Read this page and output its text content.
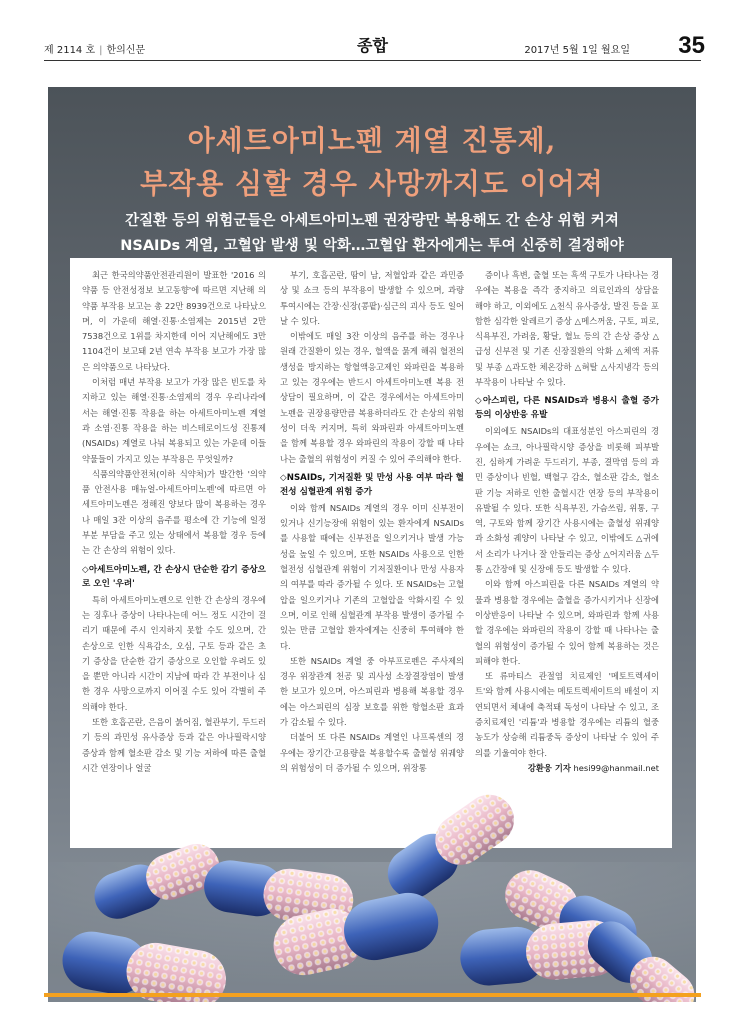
제 2114 호 | 한의신문	종합	2017년 5월 1일 월요일 35
아세트아미노펜 계열 진통제,
부작용 심할 경우 사망까지도 이어져
간질환 등의 위험군들은 아세트아미노펜 권장량만 복용해도 간 손상 위험 커져
NSAIDs 계열, 고혈압 발생 및 악화…고혈압 환자에게는 투여 신중히 결정해야

최근 한국의약품안전관리원이 발표한 '2016 의약품 등 안전성정보 보고동향'에 따르면 지난해 의약품 부작용 보고는 총 22만 8939건으로 나타났으며, 이 가운데 해열·진통·소염제는 2015년 2만 7538건으로 1위를 차지한데 이어 지난해에도 3만 1104건이 보고돼 2년 연속 부작용 보고가 가장 많은 의약품으로 나타났다.

이처럼 매년 부작용 보고가 가장 많은 빈도를 차지하고 있는 해열·진통·소염제의 경우 우리나라에서는 해열·진통 작용을 하는 아세트아미노펜 계열과 소염·진통 작용을 하는 비스테로이드성 진통제(NSAIDs) 계열로 나눠 복용되고 있는 가운데 이들 약물들이 가지고 있는 부작용은 무엇일까?

식품의약품안전처(이하 식약처)가 발간한 '의약품 안전사용 매뉴얼-아세트아미노펜'에 따르면 아세트아미노펜은 정해진 양보다 많이 복용하는 경우나 매일 3잔 이상의 음주를 평소에 간 기능에 일정 부분 부담을 주고 있는 상태에서 복용할 경우 등에는 간 손상의 위험이 있다.

◇아세트아미노펜, 간 손상시 단순한 감기 증상으로 오인 '우려'

특히 아세트아미노펜으로 인한 간 손상의 경우에는 징후나 증상이 나타나는데 어느 정도 시간이 걸리기 때문에 주시 인지하지 못할 수도 있으며, 간 손상으로 인한 식욕감소, 오심, 구토 등과 같은 초기 증상을 단순한 감기 증상으로 오인할 우려도 있을 뿐만 아니라 시간이 지남에 따라 간 부전이나 심한 경우 사망으로까지 이어질 수도 있어 각별히 주의해야 한다.

또한 호흡곤란, 은음이 붉어짐, 혈관부기, 두드러기 등의 과민성 유사증상 등과 같은 아나필락시양 증상과 함께 혈소판 감소 및 기능 저하에 따른 출혈 시간 연장이나 얼굴

부기, 호흡곤란, 땀이 남, 저혈압과 같은 과민증상 및 쇼크 등의 부작용이 발생할 수 있으며, 과량 투여시에는 간장·신장(콩팥)·심근의 괴사 등도 일어날 수 있다.

이밖에도 매일 3잔 이상의 음주를 하는 경우나 원래 간질환이 있는 경우, 혈액을 묽게 해줘 혈전의 생성을 방지하는 항혈액응고제인 와파린을 복용하고 있는 경우에는 반드시 아세트아미노펜 복용 전 상담이 필요하며, 이 같은 경우에서는 아세트아미노펜을 권장용량만큼 복용하더라도 간 손상의 위험성이 더욱 커지며, 특히 와파린과 아세트아미노펜을 함께 복용할 경우 와파린의 작용이 강할 때 나타나는 출혈의 위험성이 커질 수 있어 주의해야 한다.

◇NSAIDs, 기저질환 및 만성 사용 여부 따라 혈전성 심혈관계 위험 증가

이와 함께 NSAIDs 계열의 경우 이미 신부전이 있거나 신기능장애 위험이 있는 환자에게 NSAIDs를 사용할 때에는 신부전을 일으키거나 발생 가능성을 높일 수 있으며, 또한 NSAIDs 사용으로 인한 혈전성 심혈관계 위험이 기저질환이나 만성 사용자의 여부를 따라 증가될 수 있다. 또 NSAIDs는 고혈압을 일으키거나 기존의 고혈압을 악화시킬 수 있으며, 이로 인해 심혈관계 부작용 발생이 증가될 수 있는 만큼 고혈압 환자에게는 신중히 투여해야 한다.

또한 NSAIDs 계열 중 아부프로펜은 주사제의 경우 위장관계 천공 및 괴사성 소장결장염이 발생한 보고가 있으며, 아스피린과 병용해 복용할 경우에는 아스피린의 심장 보호를 위한 항혈소판 효과가 감소될 수 있다.

더불어 또 다른 NSAIDs 계열인 나프록센의 경우에는 장기간·고용량을 복용할수록 출혈성 위궤양의 위험성이 더 증가될 수 있으며, 위장통

증이나 흑변, 출혈 또는 흑색 구토가 나타나는 경우에는 복용을 즉각 중지하고 의료인과의 상담을 해야 하고, 이외에도 △천식 유사증상, 발진 등을 포함한 심각한 알레르기 증상 △메스꺼움, 구토, 피로, 식욕부진, 가려움, 황달, 혈뇨 등의 간 손상 증상 △급성 신부전 및 기존 신장질환의 악화 △체액 저류 및 부종 △과도한 체온강하 △혀탈 △사지냉각 등의 부작용이 나타날 수 있다.

◇아스피린, 다른 NSAIDs과 병용시 출혈 증가 등의 이상반응 유발

이외에도 NSAIDs의 대표성분인 아스피린의 경우에는 쇼크, 아나필락시양 증상을 비롯해 피부발진, 심하게 가려운 두드러기, 부종, 결막염 등의 과민 증상이나 빈혈, 백혈구 감소, 혈소판 감소, 혈소판 기능 저하로 인한 출혈시간 연장 등의 부작용이 유발될 수 있다. 또한 식욕부진, 가슴쓰림, 위통, 구역, 구토와 함께 장기간 사용시에는 출혈성 위궤양과 소화성 궤양이 나타날 수 있고, 이밖에도 △귀에서 소리가 나거나 잘 안들리는 증상 △어지러움 △두통 △간장애 및 신장애 등도 발생할 수 있다.

이와 함께 아스피린을 다른 NSAIDs 계열의 약물과 병용할 경우에는 출혈을 증가시키거나 신장에 이상반응이 나타날 수 있으며, 와파린과 함께 사용할 경우에는 와파린의 작용이 강할 때 나타나는 출혈의 위험성이 증가될 수 있어 함께 복용하는 것은 피해야 한다.

또 류마티스 관절염 치료제인 '메토트렉세이트'와 함께 사용시에는 메토트렉세이트의 배설이 지연되면서 체내에 축적돼 독성이 나타날 수 있고, 조증치료제인 '리튬'과 병용할 경우에는 리튬의 혈중농도가 상승해 리튬중독 증상이 나타날 수 있어 주의를 기울여야 한다.

강환웅 기자 hesi99@hanmail.net
